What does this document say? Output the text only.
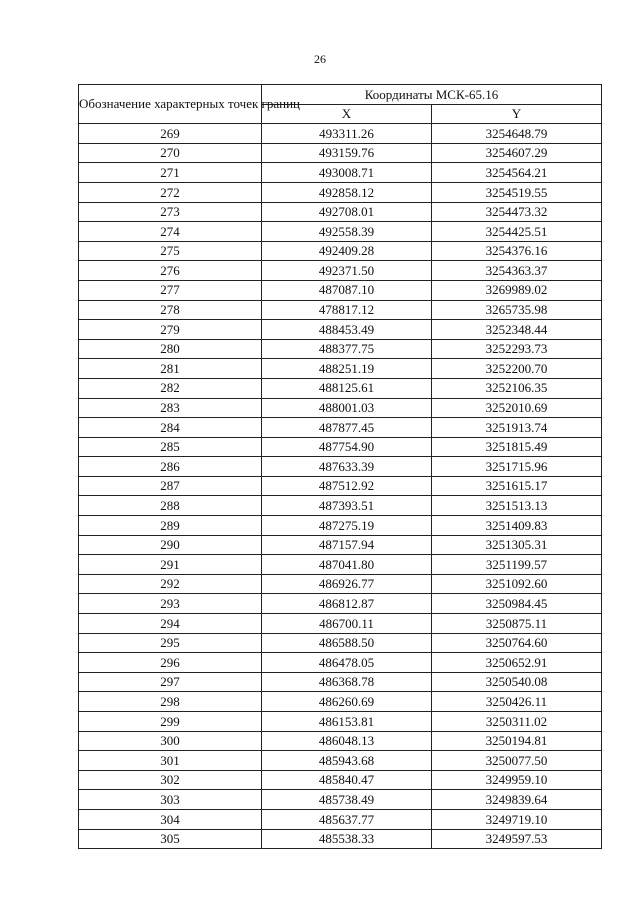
26
Обозначение характерных точек границ	Координаты МСК-65.16	
	X	Y
269	493311.26	3254648.79
270	493159.76	3254607.29
271	493008.71	3254564.21
272	492858.12	3254519.55
273	492708.01	3254473.32
274	492558.39	3254425.51
275	492409.28	3254376.16
276	492371.50	3254363.37
277	487087.10	3269989.02
278	478817.12	3265735.98
279	488453.49	3252348.44
280	488377.75	3252293.73
281	488251.19	3252200.70
282	488125.61	3252106.35
283	488001.03	3252010.69
284	487877.45	3251913.74
285	487754.90	3251815.49
286	487633.39	3251715.96
287	487512.92	3251615.17
288	487393.51	3251513.13
289	487275.19	3251409.83
290	487157.94	3251305.31
291	487041.80	3251199.57
292	486926.77	3251092.60
293	486812.87	3250984.45
294	486700.11	3250875.11
295	486588.50	3250764.60
296	486478.05	3250652.91
297	486368.78	3250540.08
298	486260.69	3250426.11
299	486153.81	3250311.02
300	486048.13	3250194.81
301	485943.68	3250077.50
302	485840.47	3249959.10
303	485738.49	3249839.64
304	485637.77	3249719.10
305	485538.33	3249597.53
